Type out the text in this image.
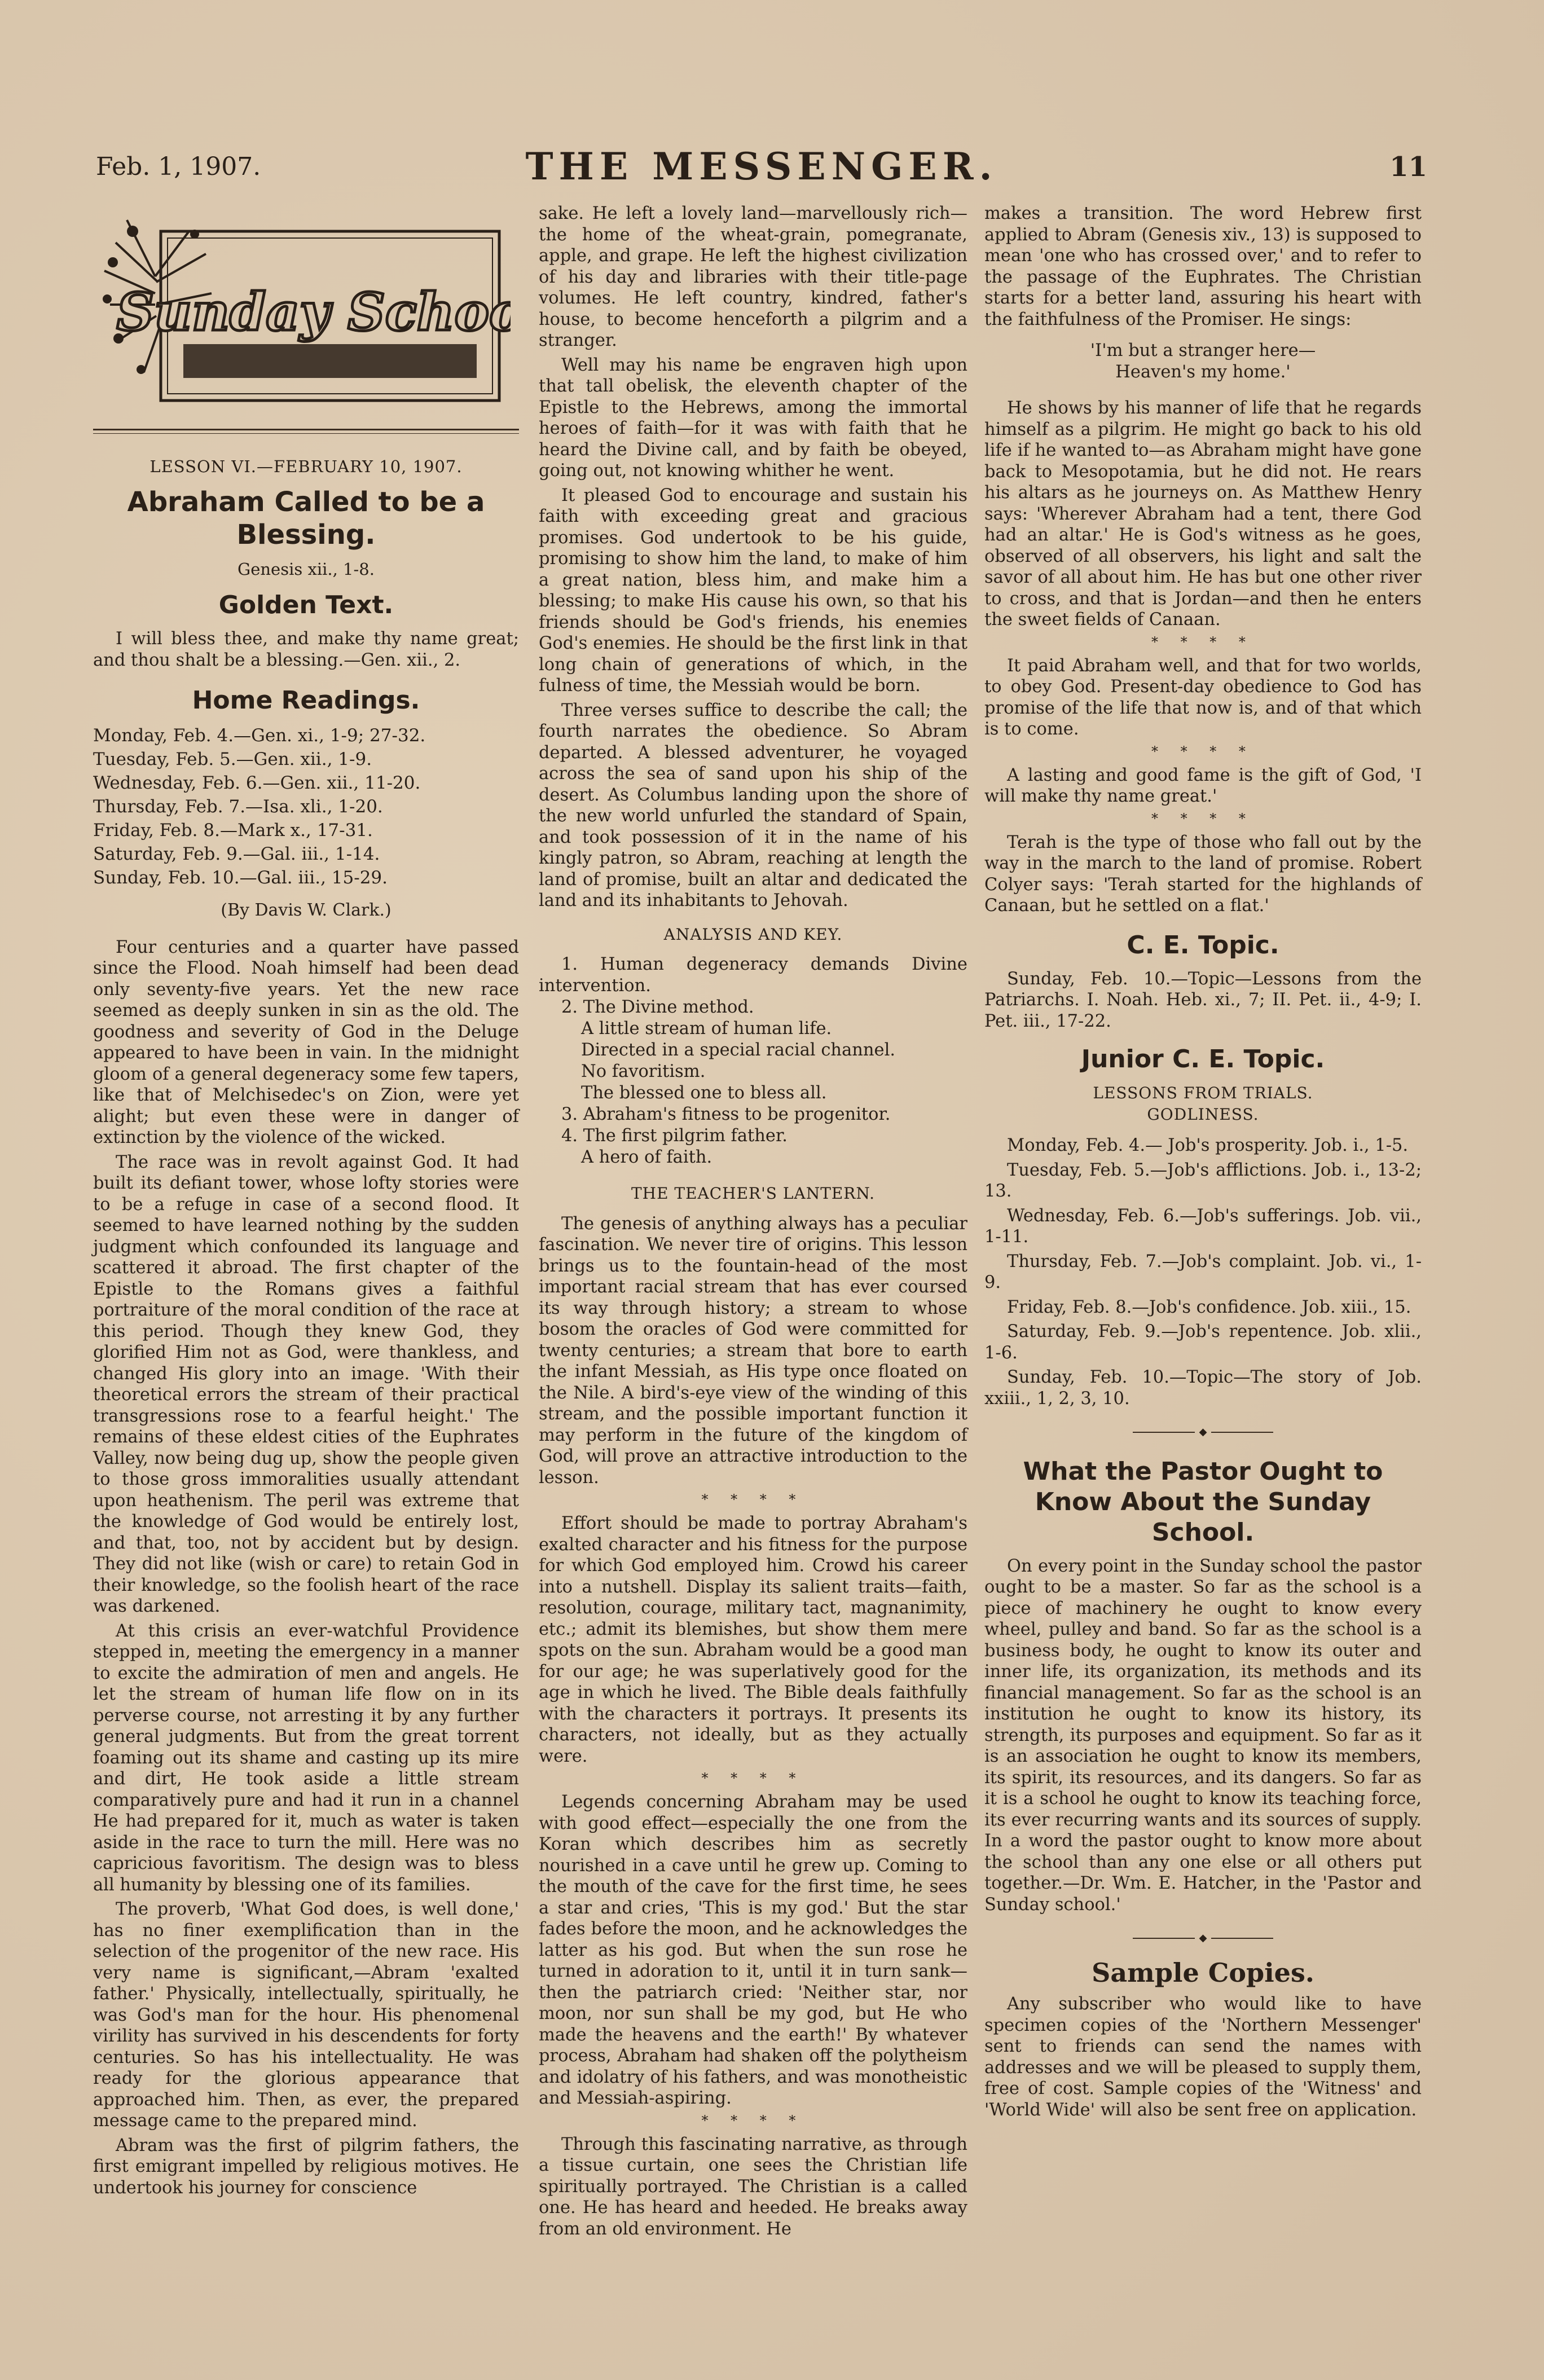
Feb. 1, 1907.	THE MESSENGER.	11
Sunday School
LESSON VI.—FEBRUARY 10, 1907.
Abraham Called to be a Blessing.
Genesis xii., 1-8.
Golden Text.

I will bless thee, and make thy name great; and thou shalt be a blessing.—Gen. xii., 2.

Home Readings.
Monday, Feb. 4.—Gen. xi., 1-9; 27-32.
Tuesday, Feb. 5.—Gen. xii., 1-9.
Wednesday, Feb. 6.—Gen. xii., 11-20.
Thursday, Feb. 7.—Isa. xli., 1-20.
Friday, Feb. 8.—Mark x., 17-31.
Saturday, Feb. 9.—Gal. iii., 1-14.
Sunday, Feb. 10.—Gal. iii., 15-29.
(By Davis W. Clark.)

Four centuries and a quarter have passed since the Flood. Noah himself had been dead only seventy-five years. Yet the new race seemed as deeply sunken in sin as the old. The goodness and severity of God in the Deluge appeared to have been in vain. In the midnight gloom of a general degeneracy some few tapers, like that of Melchisedec's on Zion, were yet alight; but even these were in danger of extinction by the violence of the wicked.

The race was in revolt against God. It had built its defiant tower, whose lofty stories were to be a refuge in case of a second flood. It seemed to have learned nothing by the sudden judgment which confounded its language and scattered it abroad. The first chapter of the Epistle to the Romans gives a faithful portraiture of the moral condition of the race at this period. Though they knew God, they glorified Him not as God, were thankless, and changed His glory into an image. 'With their theoretical errors the stream of their practical transgressions rose to a fearful height.' The remains of these eldest cities of the Euphrates Valley, now being dug up, show the people given to those gross immoralities usually attendant upon heathenism. The peril was extreme that the knowledge of God would be entirely lost, and that, too, not by accident but by design. They did not like (wish or care) to retain God in their knowledge, so the foolish heart of the race was darkened.

At this crisis an ever-watchful Providence stepped in, meeting the emergency in a manner to excite the admiration of men and angels. He let the stream of human life flow on in its perverse course, not arresting it by any further general judgments. But from the great torrent foaming out its shame and casting up its mire and dirt, He took aside a little stream comparatively pure and had it run in a channel He had prepared for it, much as water is taken aside in the race to turn the mill. Here was no capricious favoritism. The design was to bless all humanity by blessing one of its families.

The proverb, 'What God does, is well done,' has no finer exemplification than in the selection of the progenitor of the new race. His very name is significant,—Abram 'exalted father.' Physically, intellectually, spiritually, he was God's man for the hour. His phenomenal virility has survived in his descendents for forty centuries. So has his intellectuality. He was ready for the glorious appearance that approached him. Then, as ever, the prepared message came to the prepared mind.

Abram was the first of pilgrim fathers, the first emigrant impelled by religious motives. He undertook his journey for conscience

sake. He left a lovely land—marvellously rich—the home of the wheat-grain, pomegranate, apple, and grape. He left the highest civilization of his day and libraries with their title-page volumes. He left country, kindred, father's house, to become henceforth a pilgrim and a stranger.

Well may his name be engraven high upon that tall obelisk, the eleventh chapter of the Epistle to the Hebrews, among the immortal heroes of faith—for it was with faith that he heard the Divine call, and by faith be obeyed, going out, not knowing whither he went.

It pleased God to encourage and sustain his faith with exceeding great and gracious promises. God undertook to be his guide, promising to show him the land, to make of him a great nation, bless him, and make him a blessing; to make His cause his own, so that his friends should be God's friends, his enemies God's enemies. He should be the first link in that long chain of generations of which, in the fulness of time, the Messiah would be born.

Three verses suffice to describe the call; the fourth narrates the obedience. So Abram departed. A blessed adventurer, he voyaged across the sea of sand upon his ship of the desert. As Columbus landing upon the shore of the new world unfurled the standard of Spain, and took possession of it in the name of his kingly patron, so Abram, reaching at length the land of promise, built an altar and dedicated the land and its inhabitants to Jehovah.

ANALYSIS AND KEY.
1. Human degeneracy demands Divine intervention.
2. The Divine method.
A little stream of human life.
Directed in a special racial channel.
No favoritism.
The blessed one to bless all.
3. Abraham's fitness to be progenitor.
4. The first pilgrim father.
A hero of faith.
THE TEACHER'S LANTERN.

The genesis of anything always has a peculiar fascination. We never tire of origins. This lesson brings us to the fountain-head of the most important racial stream that has ever coursed its way through history; a stream to whose bosom the oracles of God were committed for twenty centuries; a stream that bore to earth the infant Messiah, as His type once floated on the Nile. A bird's-eye view of the winding of this stream, and the possible important function it may perform in the future of the kingdom of God, will prove an attractive introduction to the lesson.

* * * *

Effort should be made to portray Abraham's exalted character and his fitness for the purpose for which God employed him. Crowd his career into a nutshell. Display its salient traits—faith, resolution, courage, military tact, magnanimity, etc.; admit its blemishes, but show them mere spots on the sun. Abraham would be a good man for our age; he was superlatively good for the age in which he lived. The Bible deals faithfully with the characters it portrays. It presents its characters, not ideally, but as they actually were.

* * * *

Legends concerning Abraham may be used with good effect—especially the one from the Koran which describes him as secretly nourished in a cave until he grew up. Coming to the mouth of the cave for the first time, he sees a star and cries, 'This is my god.' But the star fades before the moon, and he acknowledges the latter as his god. But when the sun rose he turned in adoration to it, until it in turn sank—then the patriarch cried: 'Neither star, nor moon, nor sun shall be my god, but He who made the heavens and the earth!' By whatever process, Abraham had shaken off the polytheism and idolatry of his fathers, and was monotheistic and Messiah-aspiring.

* * * *

Through this fascinating narrative, as through a tissue curtain, one sees the Christian life spiritually portrayed. The Christian is a called one. He has heard and heeded. He breaks away from an old environment. He

makes a transition. The word Hebrew first applied to Abram (Genesis xiv., 13) is supposed to mean 'one who has crossed over,' and to refer to the passage of the Euphrates. The Christian starts for a better land, assuring his heart with the faithfulness of the Promiser. He sings:

'I'm but a stranger here—
Heaven's my home.'

He shows by his manner of life that he regards himself as a pilgrim. He might go back to his old life if he wanted to—as Abraham might have gone back to Mesopotamia, but he did not. He rears his altars as he journeys on. As Matthew Henry says: 'Wherever Abraham had a tent, there God had an altar.' He is God's witness as he goes, observed of all observers, his light and salt the savor of all about him. He has but one other river to cross, and that is Jordan—and then he enters the sweet fields of Canaan.

* * * *

It paid Abraham well, and that for two worlds, to obey God. Present-day obedience to God has promise of the life that now is, and of that which is to come.

* * * *

A lasting and good fame is the gift of God, 'I will make thy name great.'

* * * *

Terah is the type of those who fall out by the way in the march to the land of promise. Robert Colyer says: 'Terah started for the highlands of Canaan, but he settled on a flat.'

C. E. Topic.

Sunday, Feb. 10.—Topic—Lessons from the Patriarchs. I. Noah. Heb. xi., 7; II. Pet. ii., 4-9; I. Pet. iii., 17-22.

Junior C. E. Topic.
LESSONS FROM TRIALS.
GODLINESS.

Monday, Feb. 4.— Job's prosperity. Job. i., 1-5.

Tuesday, Feb. 5.—Job's afflictions. Job. i., 13-2; 13.

Wednesday, Feb. 6.—Job's sufferings. Job. vii., 1-11.

Thursday, Feb. 7.—Job's complaint. Job. vi., 1-9.

Friday, Feb. 8.—Job's confidence. Job. xiii., 15.

Saturday, Feb. 9.—Job's repentence. Job. xlii., 1-6.

Sunday, Feb. 10.—Topic—The story of Job. xxiii., 1, 2, 3, 10.

◆
What the Pastor Ought to Know About the Sunday School.

On every point in the Sunday school the pastor ought to be a master. So far as the school is a piece of machinery he ought to know every wheel, pulley and band. So far as the school is a business body, he ought to know its outer and inner life, its organization, its methods and its financial management. So far as the school is an institution he ought to know its history, its strength, its purposes and equipment. So far as it is an association he ought to know its members, its spirit, its resources, and its dangers. So far as it is a school he ought to know its teaching force, its ever recurring wants and its sources of supply. In a word the pastor ought to know more about the school than any one else or all others put together.—Dr. Wm. E. Hatcher, in the 'Pastor and Sunday school.'

◆
Sample Copies.

Any subscriber who would like to have specimen copies of the 'Northern Messenger' sent to friends can send the names with addresses and we will be pleased to supply them, free of cost. Sample copies of the 'Witness' and 'World Wide' will also be sent free on application.
